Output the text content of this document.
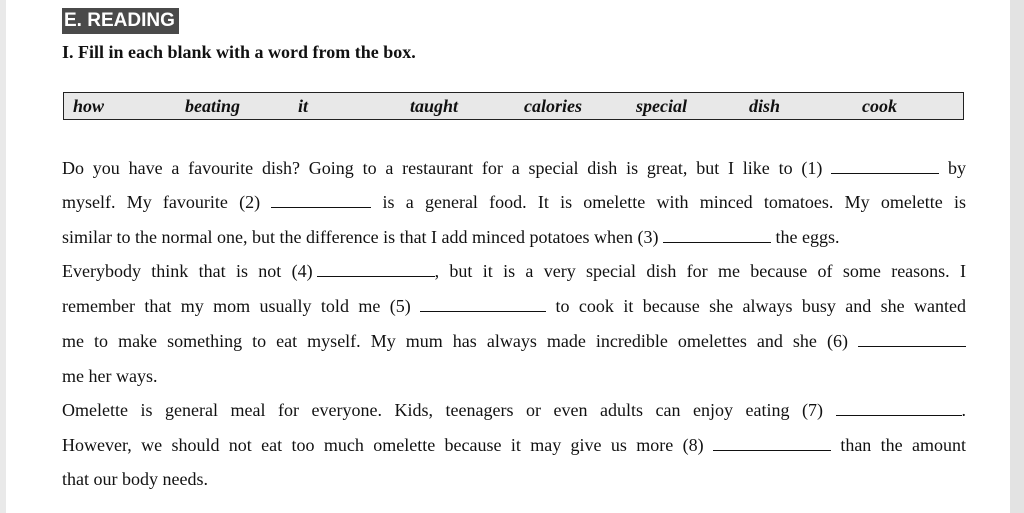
E. READING
I. Fill in each blank with a word from the box.
how	beating	it	taught	calories	special	dish	cook
Do you have a favourite dish? Going to a restaurant for a special dish is great, but I like to (1)	by
myself. My favourite (2)	is a general food. It is omelette with minced tomatoes. My omelette is
similar to the normal one, but the difference is that I add minced potatoes when (3)	the eggs.
Everybody think that is not (4)	, but it is a very special dish for me because of some reasons. I
remember that my mom usually told me (5)	to cook it because she always busy and she wanted
me to make something to eat myself. My mum has always made incredible omelettes and she (6)
me her ways.
Omelette is general meal for everyone. Kids, teenagers or even adults can enjoy eating (7)	.
However, we should not eat too much omelette because it may give us more (8)	than the amount
that our body needs.
